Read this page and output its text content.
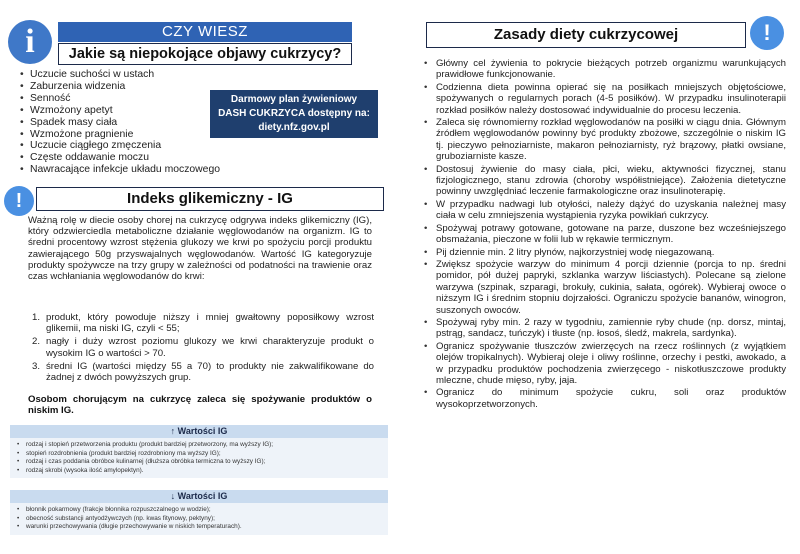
i	CZY WIESZ
Jakie są niepokojące objawy cukrzycy?
• Uczucie suchości w ustach
• Zaburzenia widzenia
• Senność
• Wzmożony apetyt
• Spadek masy ciała
• Wzmożone pragnienie
• Uczucie ciągłego zmęczenia
• Częste oddawanie moczu
• Nawracające infekcje układu moczowego
Darmowy plan żywieniowy
DASH CUKRZYCA dostępny na:
diety.nfz.gov.pl
!	Indeks glikemiczny - IG
Ważną rolę w diecie osoby chorej na cukrzycę odgrywa indeks glikemiczny (IG), który odzwierciedla metaboliczne działanie węglowodanów na organizm. IG to średni procentowy wzrost stężenia glukozy we krwi po spożyciu porcji produktu zawierającego 50g przyswajalnych węglowodanów. Wartość IG kategoryzuje produkty spożywcze na trzy grupy w zależności od podatności na trawienie oraz czas wchłaniania węglowodanów do krwi:
1. produkt, który powoduje niższy i mniej gwałtowny poposiłkowy wzrost glikemii, ma niski IG, czyli < 55;
2. nagły i duży wzrost poziomu glukozy we krwi charakteryzuje produkt o wysokim IG o wartości > 70.
3. średni IG (wartości między 55 a 70) to produkty nie zakwalifikowane do żadnej z dwóch powyższych grup.
Osobom chorującym na cukrzycę zaleca się spożywanie produktów o niskim IG.
↑ Wartości IG
• rodzaj i stopień przetworzenia produktu (produkt bardziej przetworzony, ma wyższy IG);
• stopień rozdrobnienia (produkt bardziej rozdrobniony ma wyższy IG);
• rodzaj i czas poddania obróbce kulinarnej (dłuższa obróbka termiczna to wyższy IG);
• rodzaj skrobi (wysoka ilość amylopektyn).
↓ Wartości IG
• błonnik pokarmowy (frakcje błonnika rozpuszczalnego w wodzie);
• obecność substancji antyodżywczych (np. kwas fitynowy, pektyny);
• warunki przechowywania (długie przechowywanie w niskich temperaturach).
Zasady diety cukrzycowej	!
• Główny cel żywienia to pokrycie bieżących potrzeb organizmu warunkujących prawidłowe funkcjonowanie.
• Codzienna dieta powinna opierać się na posiłkach mniejszych objętościowe, spożywanych o regularnych porach (4-5 posiłków). W przypadku insulinoterapii rozkład posiłków należy dostosować indywidualnie do procesu leczenia.
• Zaleca się równomierny rozkład węglowodanów na posiłki w ciągu dnia. Głównym źródłem węglowodanów powinny być produkty zbożowe, szczególnie o niskim IG tj. pieczywo pełnoziarniste, makaron pełnoziarnisty, ryż brązowy, płatki owsiane, gruboziarniste kasze.
• Dostosuj żywienie do masy ciała, płci, wieku, aktywności fizycznej, stanu fizjologicznego, stanu zdrowia (choroby współistniejące). Założenia dietetyczne powinny uwzględniać leczenie farmakologiczne oraz insulinoterapię.
• W przypadku nadwagi lub otyłości, należy dążyć do uzyskania należnej masy ciała w celu zmniejszenia wystąpienia ryzyka powikłań cukrzycy.
• Spożywaj potrawy gotowane, gotowane na parze, duszone bez wcześniejszego obsmażania, pieczone w folii lub w rękawie termicznym.
• Pij dziennie min. 2 litry płynów, najkorzystniej wodę niegazowaną.
• Zwiększ spożycie warzyw do minimum 4 porcji dziennie (porcja to np. średni pomidor, pół dużej papryki, szklanka warzyw liściastych). Polecane są zielone warzywa (szpinak, szparagi, brokuły, cukinia, sałata, ogórek). Wybieraj owoce o niższym IG i średnim stopniu dojrzałości. Ograniczu spożycie bananów, winogron, suszonych owoców.
• Spożywaj ryby min. 2 razy w tygodniu, zamiennie ryby chude (np. dorsz, mintaj, pstrąg, sandacz, tuńczyk) i tłuste (np. łosoś, śledź, makrela, sardynka).
• Ogranicz spożywanie tłuszczów zwierzęcych na rzecz roślinnych (z wyjątkiem olejów tropikalnych). Wybieraj oleje i oliwy roślinne, orzechy i pestki, awokado, a w przypadku produktów pochodzenia zwierzęcego - niskotłuszczowe produkty mleczne, chude mięso, ryby, jaja.
• Ogranicz do minimum spożycie cukru, soli oraz produktów wysokoprzetworzonych.
